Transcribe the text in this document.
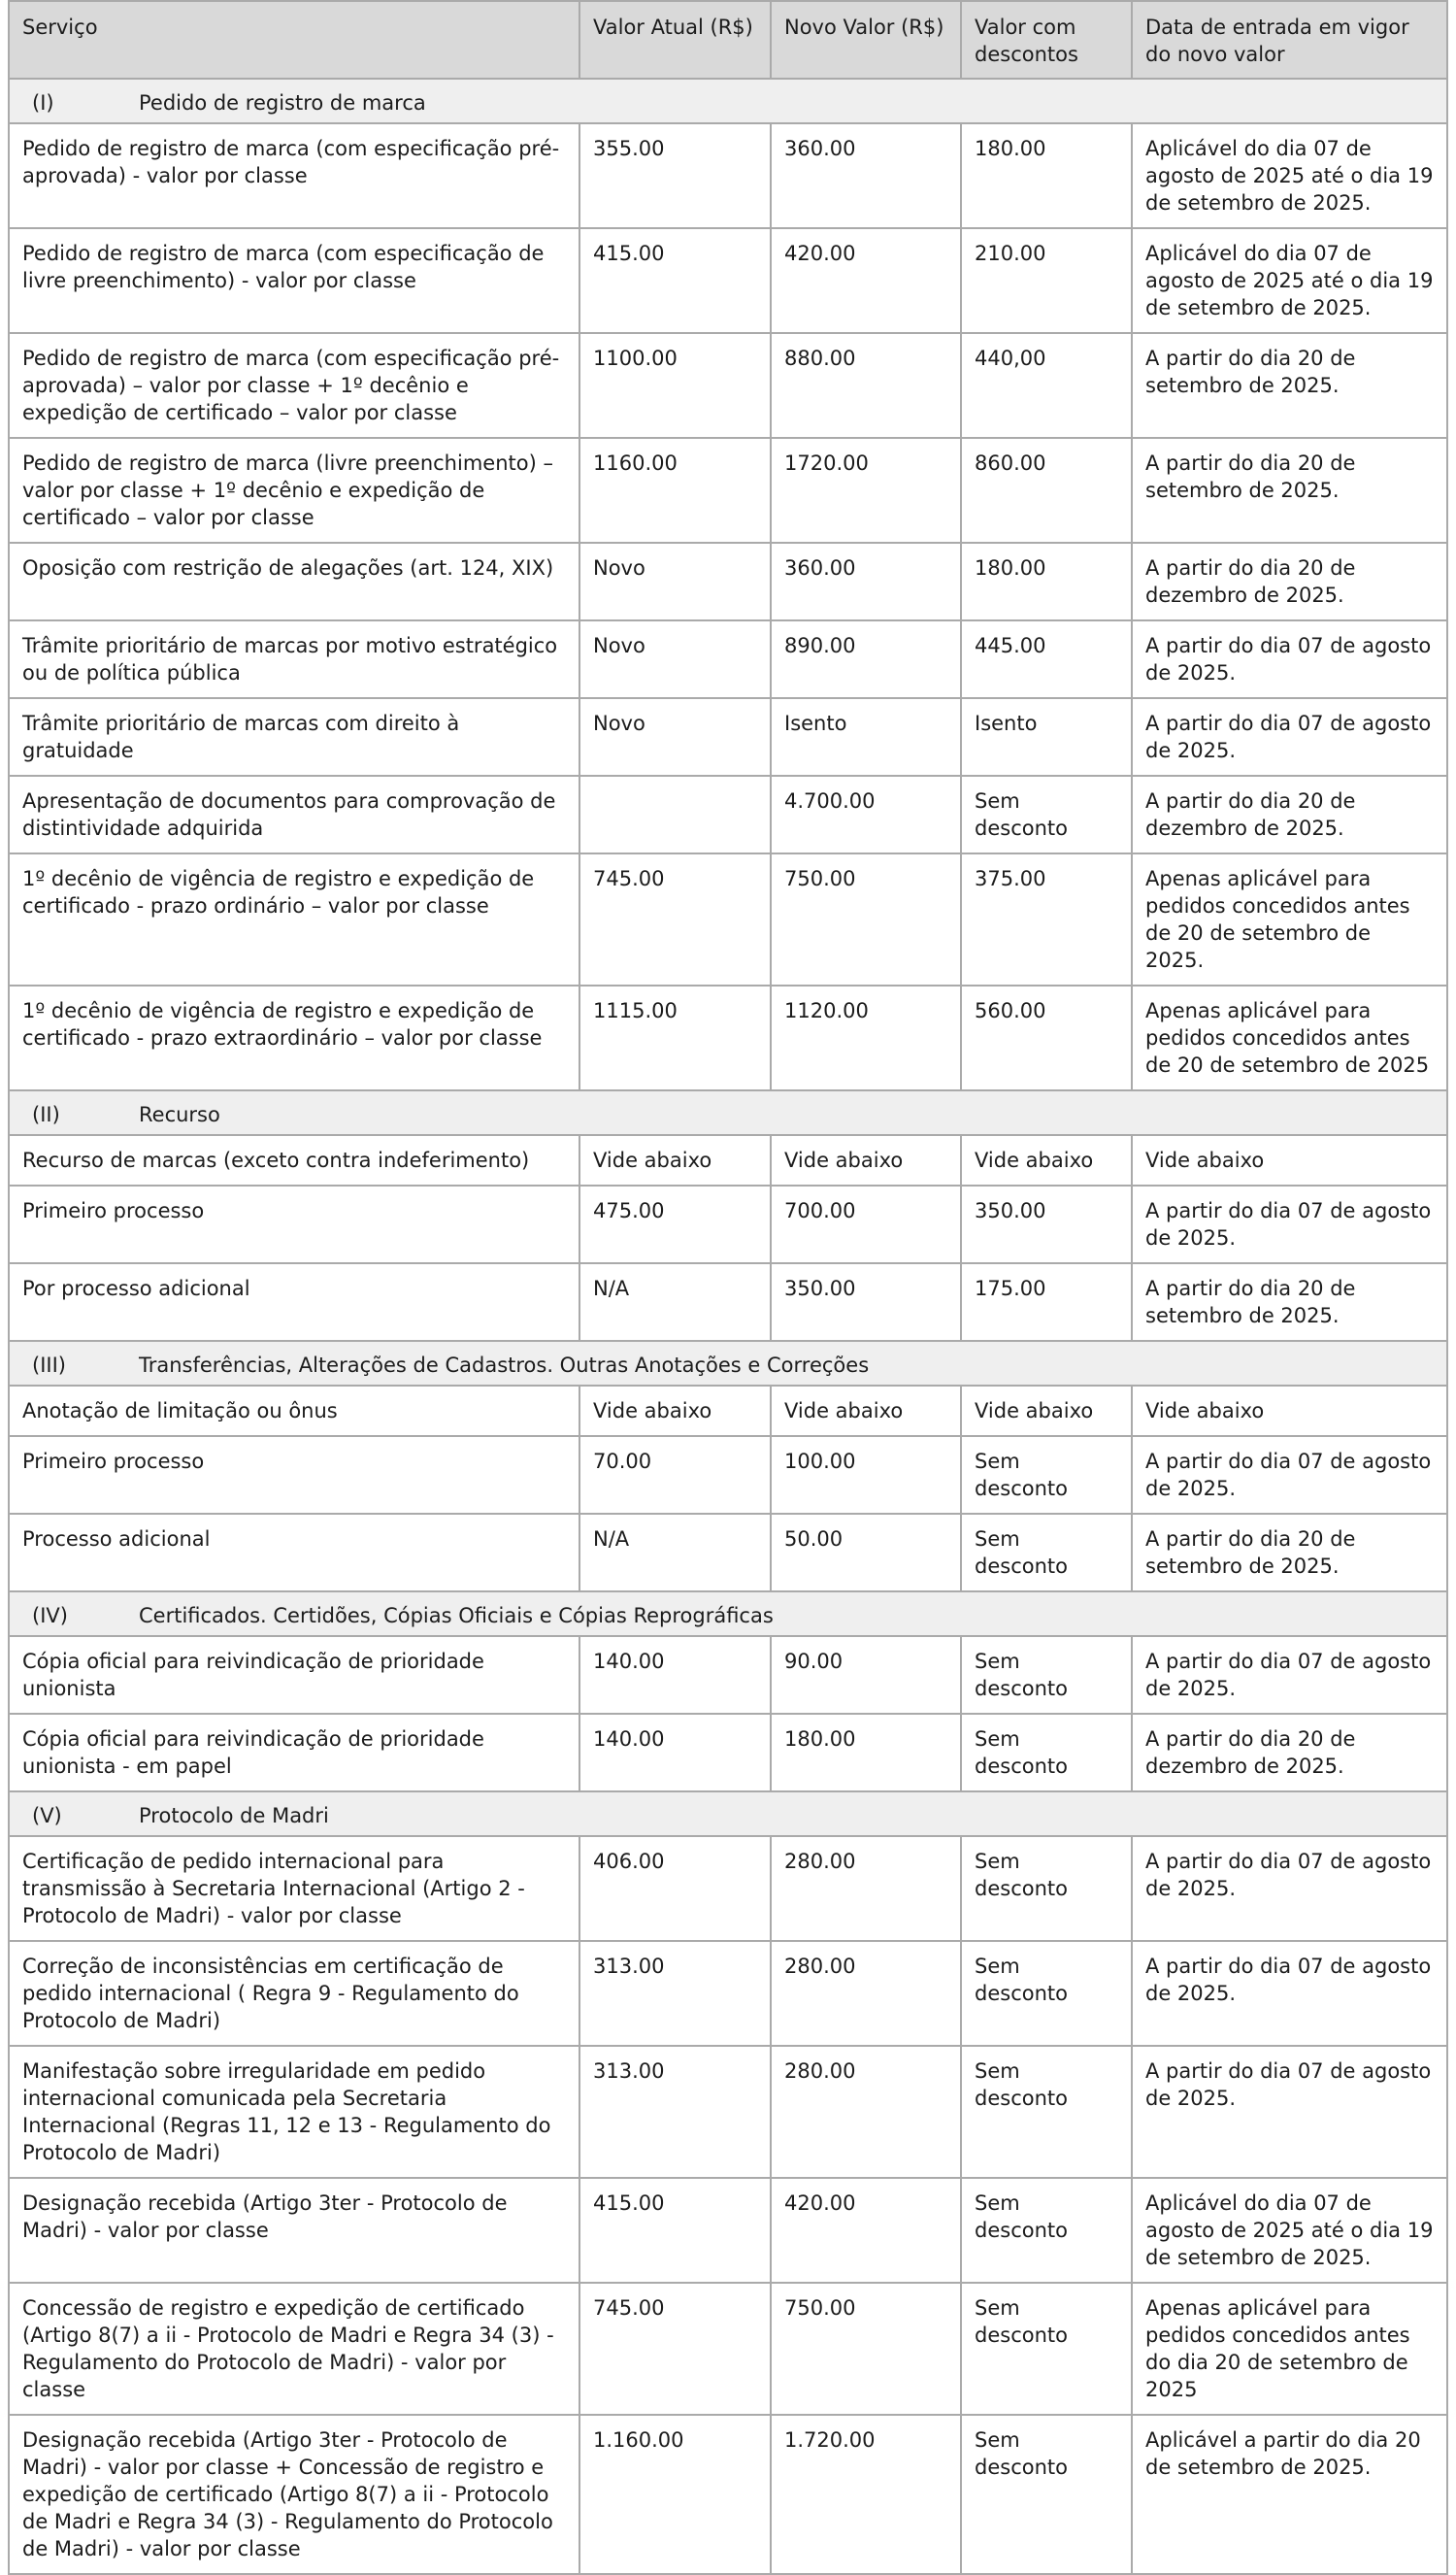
Serviço	Valor Atual (R$)	Novo Valor (R$)	Valor com descontos	Data de entrada em vigor do novo valor
(I) Pedido de registro de marca				
Pedido de registro de marca (com especificação pré-aprovada) - valor por classe	355.00	360.00	180.00	Aplicável do dia 07 de agosto de 2025 até o dia 19 de setembro de 2025.
Pedido de registro de marca (com especificação de livre preenchimento) - valor por classe	415.00	420.00	210.00	Aplicável do dia 07 de agosto de 2025 até o dia 19 de setembro de 2025.
Pedido de registro de marca (com especificação pré-aprovada) – valor por classe + 1º decênio e expedição de certificado – valor por classe	1100.00	880.00	440,00	A partir do dia 20 de setembro de 2025.
Pedido de registro de marca (livre preenchimento) – valor por classe + 1º decênio e expedição de certificado – valor por classe	1160.00	1720.00	860.00	A partir do dia 20 de setembro de 2025.
Oposição com restrição de alegações (art. 124, XIX)	Novo	360.00	180.00	A partir do dia 20 de dezembro de 2025.
Trâmite prioritário de marcas por motivo estratégico ou de política pública	Novo	890.00	445.00	A partir do dia 07 de agosto de 2025.
Trâmite prioritário de marcas com direito à gratuidade	Novo	Isento	Isento	A partir do dia 07 de agosto de 2025.
Apresentação de documentos para comprovação de distintividade adquirida		4.700.00	Sem desconto	A partir do dia 20 de dezembro de 2025.
1º decênio de vigência de registro e expedição de certificado - prazo ordinário – valor por classe	745.00	750.00	375.00	Apenas aplicável para pedidos concedidos antes de 20 de setembro de 2025.
1º decênio de vigência de registro e expedição de certificado - prazo extraordinário – valor por classe	1115.00	1120.00	560.00	Apenas aplicável para pedidos concedidos antes de 20 de setembro de 2025
(II) Recurso				
Recurso de marcas (exceto contra indeferimento)	Vide abaixo	Vide abaixo	Vide abaixo	Vide abaixo
Primeiro processo	475.00	700.00	350.00	A partir do dia 07 de agosto de 2025.
Por processo adicional	N/A	350.00	175.00	A partir do dia 20 de setembro de 2025.
(III) Transferências, Alterações de Cadastros. Outras Anotações e Correções				
Anotação de limitação ou ônus	Vide abaixo	Vide abaixo	Vide abaixo	Vide abaixo
Primeiro processo	70.00	100.00	Sem desconto	A partir do dia 07 de agosto de 2025.
Processo adicional	N/A	50.00	Sem desconto	A partir do dia 20 de setembro de 2025.
(IV) Certificados. Certidões, Cópias Oficiais e Cópias Reprográficas				
Cópia oficial para reivindicação de prioridade unionista	140.00	90.00	Sem desconto	A partir do dia 07 de agosto de 2025.
Cópia oficial para reivindicação de prioridade unionista - em papel	140.00	180.00	Sem desconto	A partir do dia 20 de dezembro de 2025.
(V) Protocolo de Madri				
Certificação de pedido internacional para transmissão à Secretaria Internacional (Artigo 2 - Protocolo de Madri) - valor por classe	406.00	280.00	Sem desconto	A partir do dia 07 de agosto de 2025.
Correção de inconsistências em certificação de pedido internacional ( Regra 9 - Regulamento do Protocolo de Madri)	313.00	280.00	Sem desconto	A partir do dia 07 de agosto de 2025.
Manifestação sobre irregularidade em pedido internacional comunicada pela Secretaria Internacional (Regras 11, 12 e 13 - Regulamento do Protocolo de Madri)	313.00	280.00	Sem desconto	A partir do dia 07 de agosto de 2025.
Designação recebida (Artigo 3ter - Protocolo de Madri) - valor por classe	415.00	420.00	Sem desconto	Aplicável do dia 07 de agosto de 2025 até o dia 19 de setembro de 2025.
Concessão de registro e expedição de certificado (Artigo 8(7) a ii - Protocolo de Madri e Regra 34 (3) - Regulamento do Protocolo de Madri) - valor por classe	745.00	750.00	Sem desconto	Apenas aplicável para pedidos concedidos antes do dia 20 de setembro de 2025
Designação recebida (Artigo 3ter - Protocolo de Madri) - valor por classe + Concessão de registro e expedição de certificado (Artigo 8(7) a ii - Protocolo de Madri e Regra 34 (3) - Regulamento do Protocolo de Madri) - valor por classe	1.160.00	1.720.00	Sem desconto	Aplicável a partir do dia 20 de setembro de 2025.
